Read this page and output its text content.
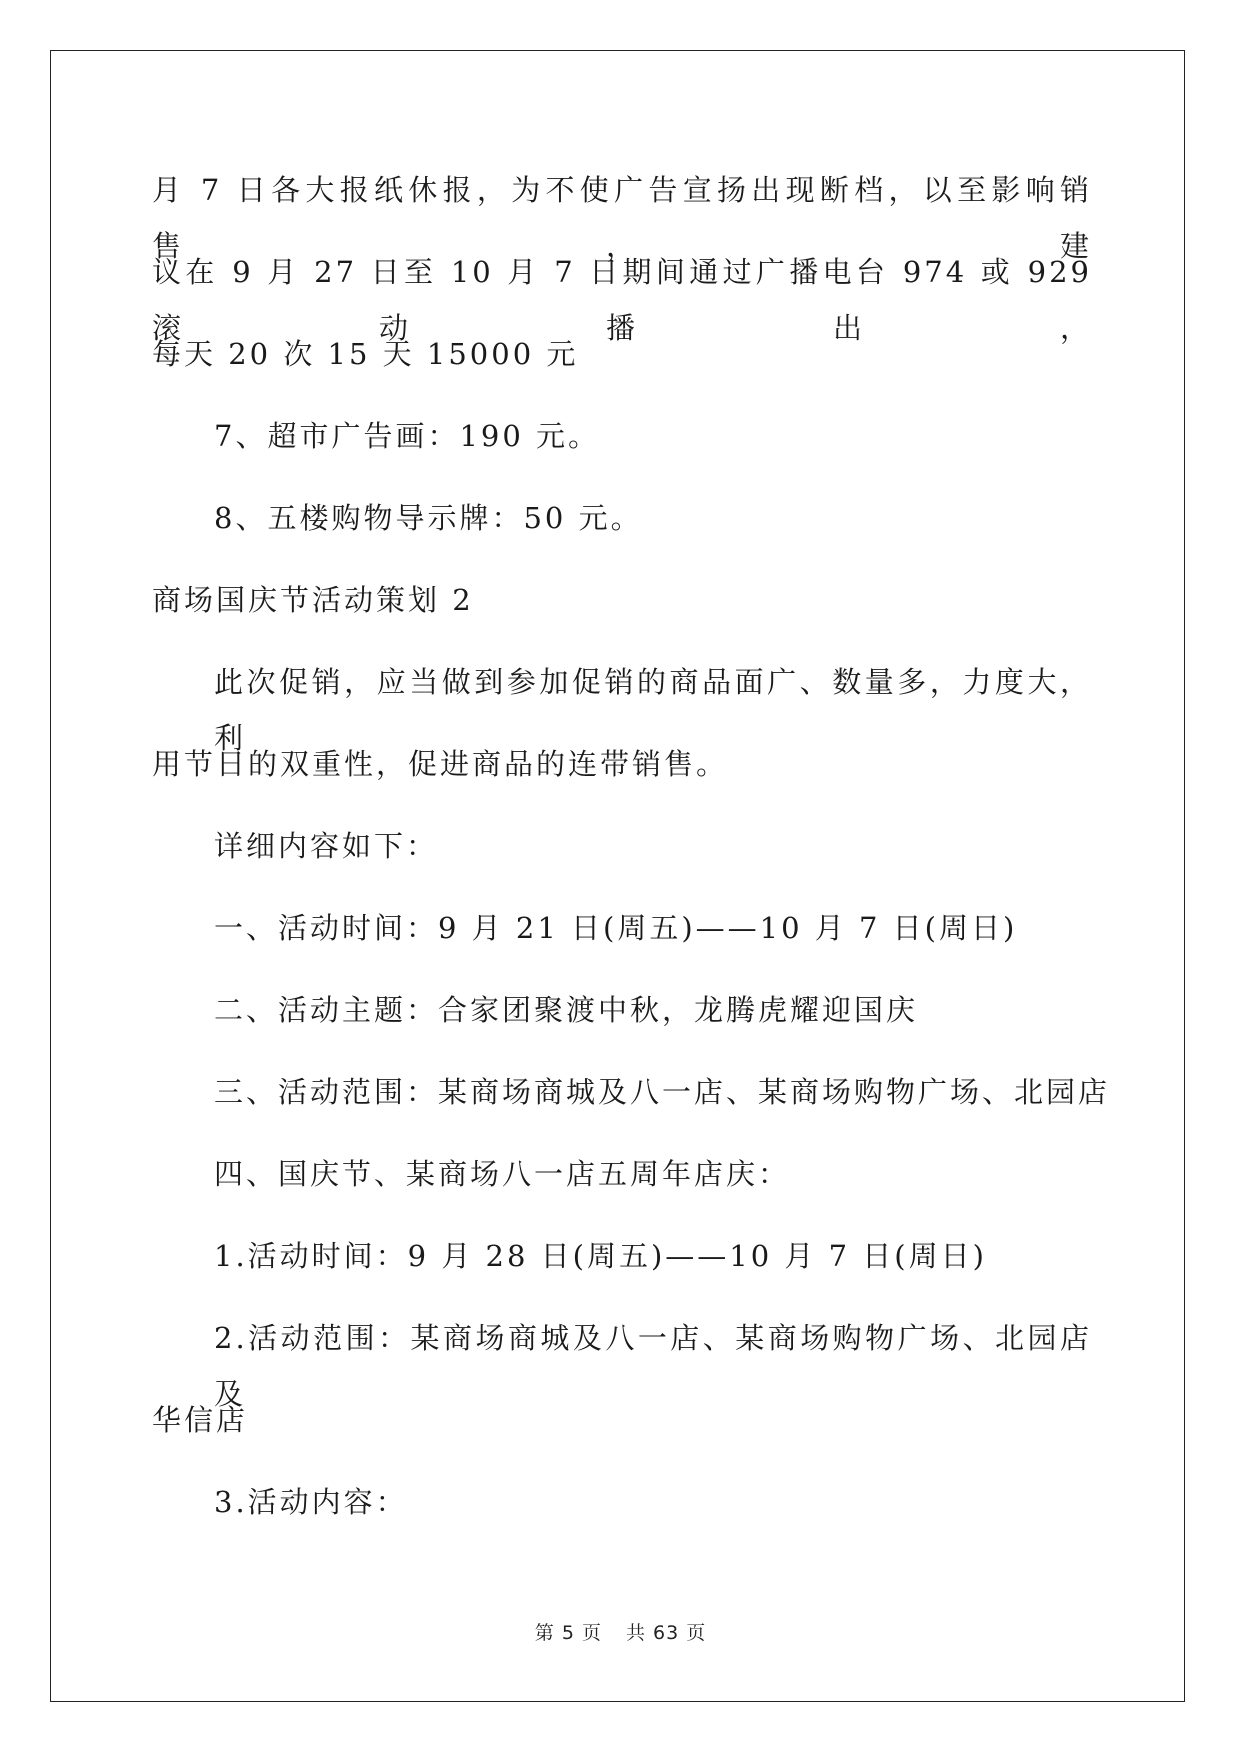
月 7 日各大报纸休报，为不使广告宣扬出现断档，以至影响销售，建
议在 9 月 27 日至 10 月 7 日期间通过广播电台 974 或 929 滚动播出，
每天 20 次 15 天 15000 元
7、超市广告画：190 元。
8、五楼购物导示牌：50 元。
商场国庆节活动策划 2
此次促销，应当做到参加促销的商品面广、数量多，力度大，利
用节日的双重性，促进商品的连带销售。
详细内容如下：
一、活动时间：9 月 21 日(周五)——10 月 7 日(周日)
二、活动主题：合家团聚渡中秋，龙腾虎耀迎国庆
三、活动范围：某商场商城及八一店、某商场购物广场、北园店
四、国庆节、某商场八一店五周年店庆：
1.活动时间：9 月 28 日(周五)——10 月 7 日(周日)
2.活动范围：某商场商城及八一店、某商场购物广场、北园店及
华信店
3.活动内容：
第 5 页 共 63 页
